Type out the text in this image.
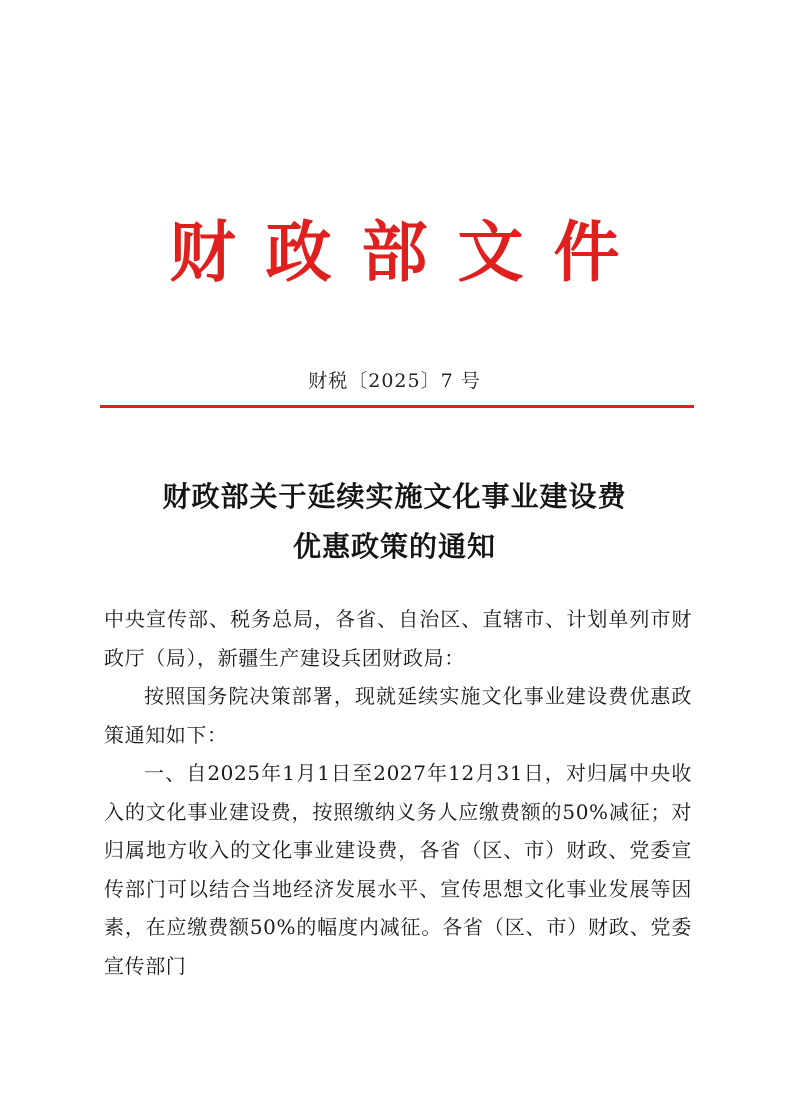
财政部文件
财税〔2025〕7 号
财政部关于延续实施文化事业建设费
优惠政策的通知

中央宣传部、税务总局，各省、自治区、直辖市、计划单列市财政厅（局），新疆生产建设兵团财政局：

按照国务院决策部署，现就延续实施文化事业建设费优惠政策通知如下：

一、自2025年1月1日至2027年12月31日，对归属中央收入的文化事业建设费，按照缴纳义务人应缴费额的50%减征；对归属地方收入的文化事业建设费，各省（区、市）财政、党委宣传部门可以结合当地经济发展水平、宣传思想文化事业发展等因素，在应缴费额50%的幅度内减征。各省（区、市）财政、党委宣传部门
